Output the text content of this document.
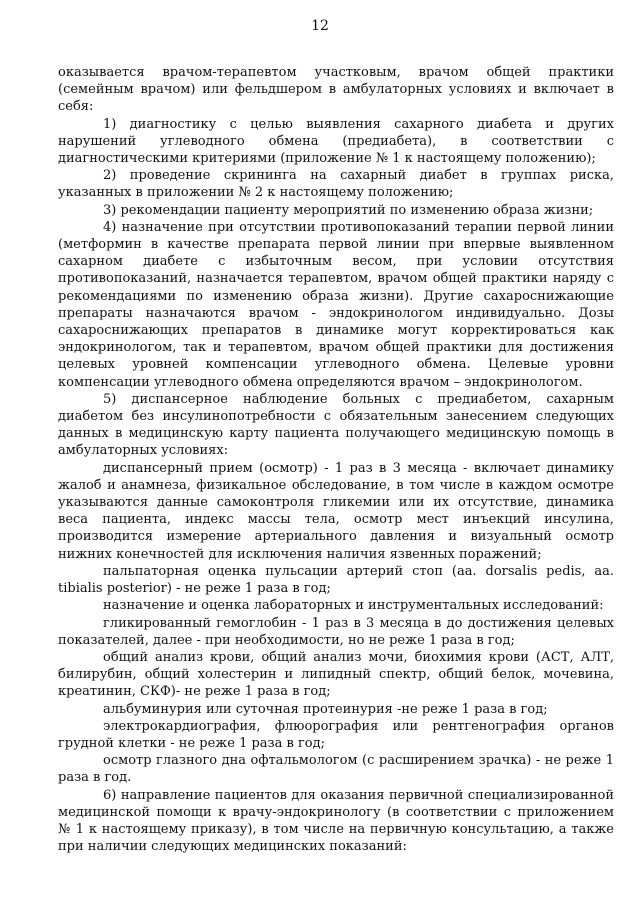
12

оказывается врачом-терапевтом участковым, врачом общей практики (семейным врачом) или фельдшером в амбулаторных условиях и включает в себя:

1) диагностику с целью выявления сахарного диабета и других нарушений углеводного обмена (предиабета), в соответствии с диагностическими критериями (приложение № 1 к настоящему положению);

2) проведение скрининга на сахарный диабет в группах риска, указанных в приложении № 2 к настоящему положению;

3) рекомендации пациенту мероприятий по изменению образа жизни;

4) назначение при отсутствии противопоказаний терапии первой линии (метформин в качестве препарата первой линии при впервые выявленном сахарном диабете с избыточным весом, при условии отсутствия противопоказаний, назначается терапевтом, врачом общей практики наряду с рекомендациями по изменению образа жизни). Другие сахароснижающие препараты назначаются врачом - эндокринологом индивидуально. Дозы сахароснижающих препаратов в динамике могут корректироваться как эндокринологом, так и терапевтом, врачом общей практики для достижения целевых уровней компенсации углеводного обмена. Целевые уровни компенсации углеводного обмена определяются врачом – эндокринологом.

5) диспансерное наблюдение больных с предиабетом, сахарным диабетом без инсулинопотребности с обязательным занесением следующих данных в медицинскую карту пациента получающего медицинскую помощь в амбулаторных условиях:

диспансерный прием (осмотр) - 1 раз в 3 месяца - включает динамику жалоб и анамнеза, физикальное обследование, в том числе в каждом осмотре указываются данные самоконтроля гликемии или их отсутствие, динамика веса пациента, индекс массы тела, осмотр мест инъекций инсулина, производится измерение артериального давления и визуальный осмотр нижних конечностей для исключения наличия язвенных поражений;

пальпаторная оценка пульсации артерий стоп (aa. dorsalis pedis, aa. tibialis posterior) - не реже 1 раза в год;

назначение и оценка лабораторных и инструментальных исследований:

гликированный гемоглобин - 1 раз в 3 месяца в до достижения целевых показателей, далее - при необходимости, но не реже 1 раза в год;

общий анализ крови, общий анализ мочи, биохимия крови (АСТ, АЛТ, билирубин, общий холестерин и липидный спектр, общий белок, мочевина, креатинин, СКФ)- не реже 1 раза в год;

альбуминурия или суточная протеинурия -не реже 1 раза в год;

электрокардиография, флюорография или рентгенография органов грудной клетки - не реже 1 раза в год;

осмотр глазного дна офтальмологом (с расширением зрачка) - не реже 1 раза в год.

6) направление пациентов для оказания первичной специализированной медицинской помощи к врачу-эндокринологу (в соответствии с приложением № 1 к настоящему приказу), в том числе на первичную консультацию, а также при наличии следующих медицинских показаний:
